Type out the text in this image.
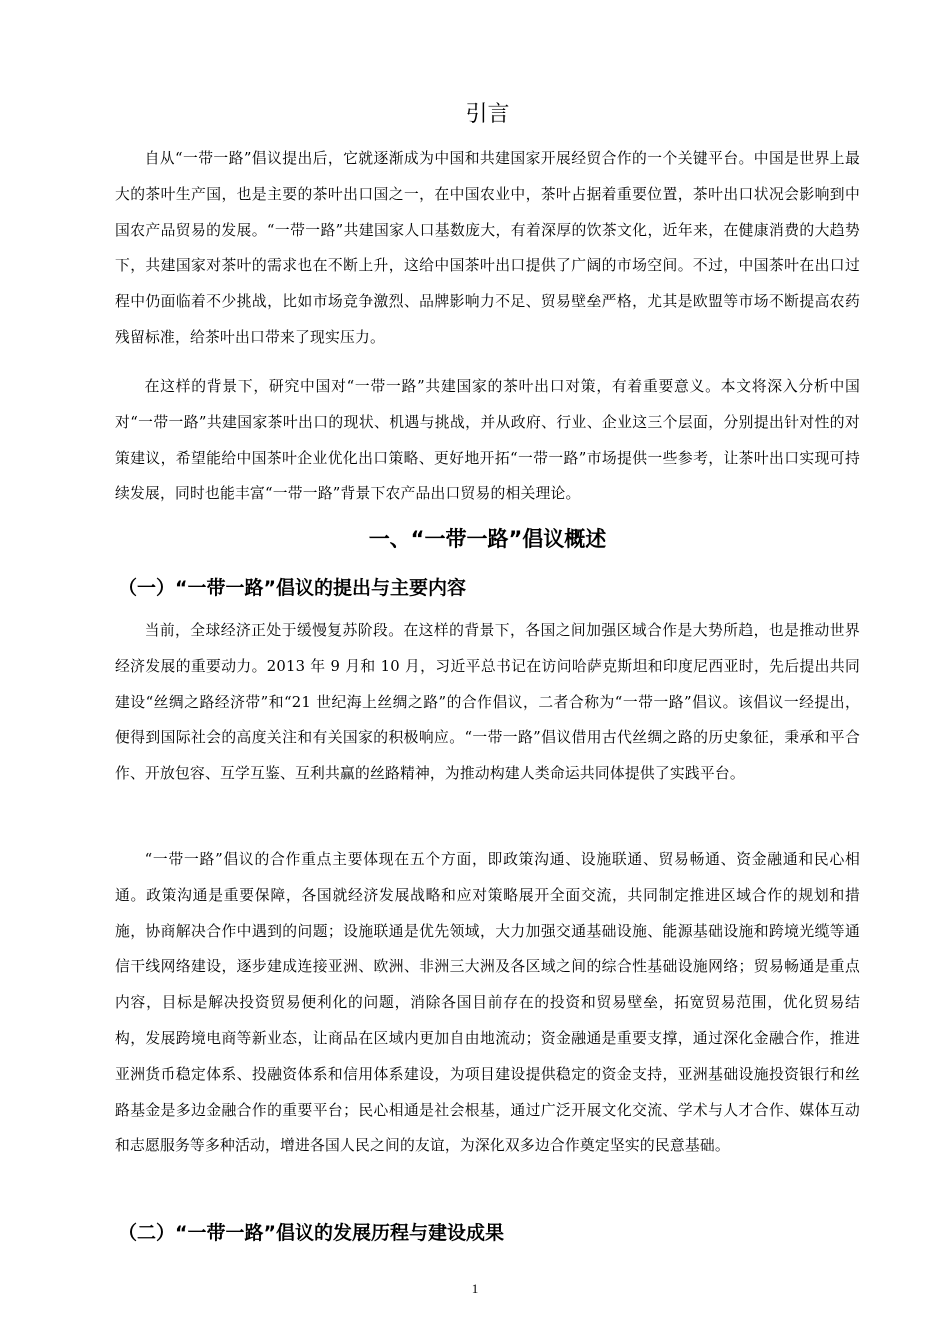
引言

自从“一带一路”倡议提出后，它就逐渐成为中国和共建国家开展经贸合作的一个关键平台。中国是世界上最大的茶叶生产国，也是主要的茶叶出口国之一，在中国农业中，茶叶占据着重要位置，茶叶出口状况会影响到中国农产品贸易的发展。“一带一路”共建国家人口基数庞大，有着深厚的饮茶文化，近年来，在健康消费的大趋势下，共建国家对茶叶的需求也在不断上升，这给中国茶叶出口提供了广阔的市场空间。不过，中国茶叶在出口过程中仍面临着不少挑战，比如市场竞争激烈、品牌影响力不足、贸易壁垒严格，尤其是欧盟等市场不断提高农药残留标准，给茶叶出口带来了现实压力。

在这样的背景下，研究中国对“一带一路”共建国家的茶叶出口对策，有着重要意义。本文将深入分析中国对“一带一路”共建国家茶叶出口的现状、机遇与挑战，并从政府、行业、企业这三个层面，分别提出针对性的对策建议，希望能给中国茶叶企业优化出口策略、更好地开拓“一带一路”市场提供一些参考，让茶叶出口实现可持续发展，同时也能丰富“一带一路”背景下农产品出口贸易的相关理论。

一、“一带一路”倡议概述
（一）“一带一路”倡议的提出与主要内容

当前，全球经济正处于缓慢复苏阶段。在这样的背景下，各国之间加强区域合作是大势所趋，也是推动世界经济发展的重要动力。2013 年 9 月和 10 月，习近平总书记在访问哈萨克斯坦和印度尼西亚时，先后提出共同建设“丝绸之路经济带”和“21 世纪海上丝绸之路”的合作倡议，二者合称为“一带一路”倡议。该倡议一经提出，便得到国际社会的高度关注和有关国家的积极响应。“一带一路”倡议借用古代丝绸之路的历史象征，秉承和平合作、开放包容、互学互鉴、互利共赢的丝路精神，为推动构建人类命运共同体提供了实践平台。

“一带一路”倡议的合作重点主要体现在五个方面，即政策沟通、设施联通、贸易畅通、资金融通和民心相通。政策沟通是重要保障，各国就经济发展战略和应对策略展开全面交流，共同制定推进区域合作的规划和措施，协商解决合作中遇到的问题；设施联通是优先领域，大力加强交通基础设施、能源基础设施和跨境光缆等通信干线网络建设，逐步建成连接亚洲、欧洲、非洲三大洲及各区域之间的综合性基础设施网络；贸易畅通是重点内容，目标是解决投资贸易便利化的问题，消除各国目前存在的投资和贸易壁垒，拓宽贸易范围，优化贸易结构，发展跨境电商等新业态，让商品在区域内更加自由地流动；资金融通是重要支撑，通过深化金融合作，推进亚洲货币稳定体系、投融资体系和信用体系建设，为项目建设提供稳定的资金支持，亚洲基础设施投资银行和丝路基金是多边金融合作的重要平台；民心相通是社会根基，通过广泛开展文化交流、学术与人才合作、媒体互动和志愿服务等多种活动，增进各国人民之间的友谊，为深化双多边合作奠定坚实的民意基础。

（二）“一带一路”倡议的发展历程与建设成果
1
